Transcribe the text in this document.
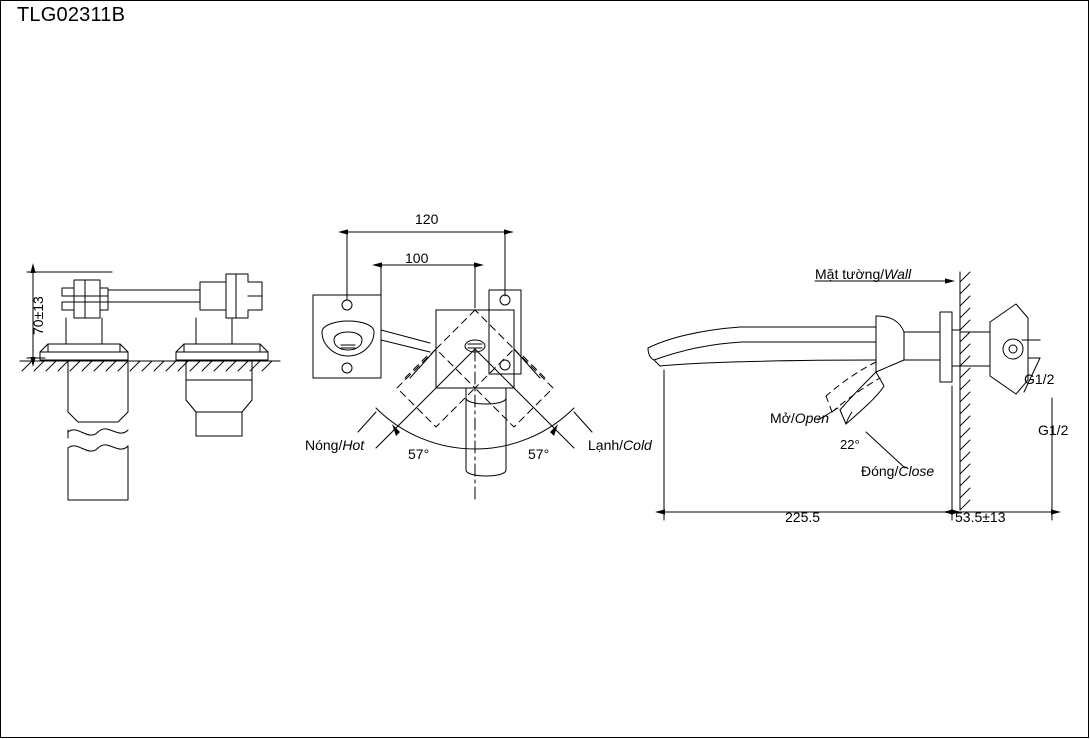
TLG02311B
70±13
120
100
Nóng/Hot	Lạnh/Cold
57°	57°
Mặt tường/Wall
Mở/Open
Đóng/Close
22°
G1/2
G1/2
225.5	53.5±13
